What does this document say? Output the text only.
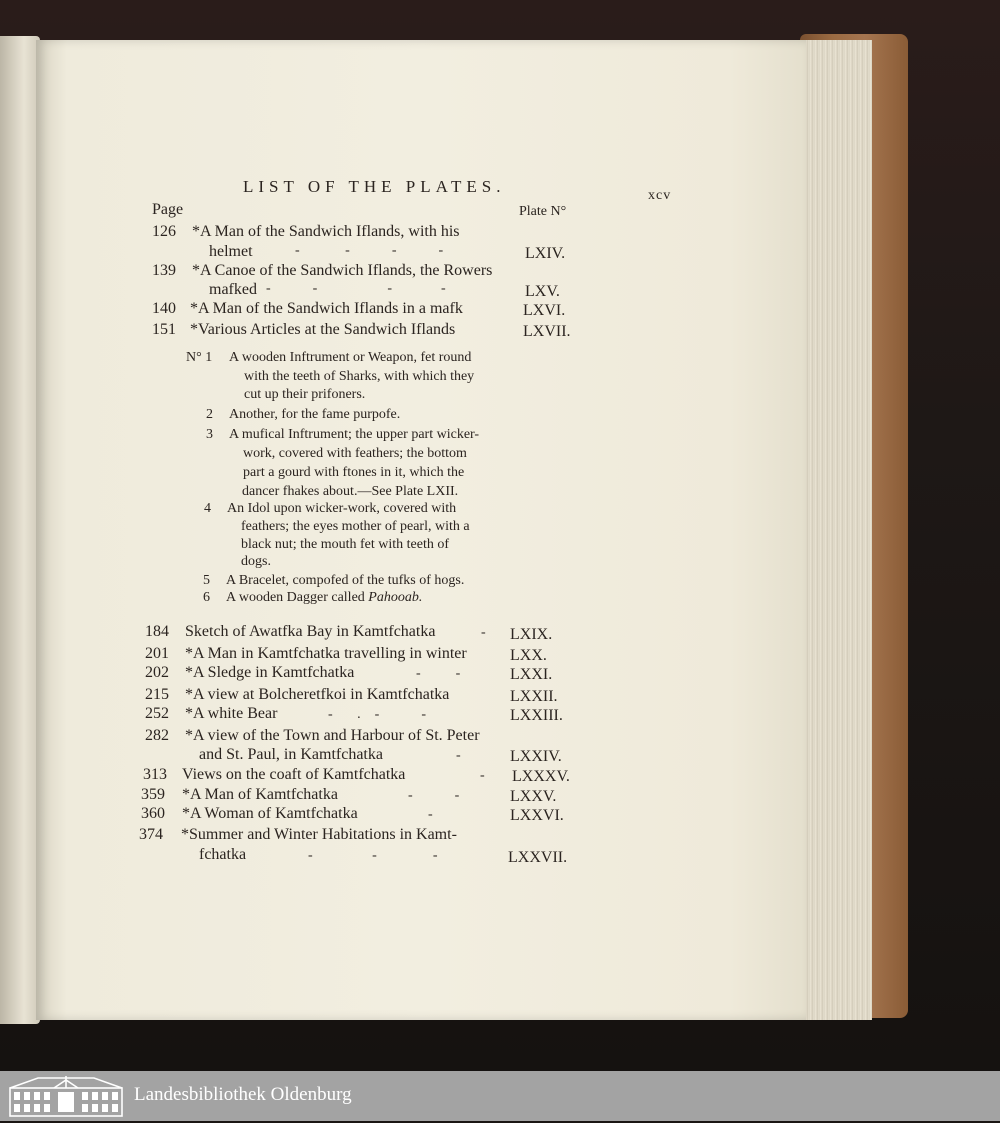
LIST OF THE PLATES.	xcv
Page	Plate N°
126 *A Man of the Sandwich Iflands, with his
helmet	-             -            -            -	LXIV.
139 *A Canoe of the Sandwich Iflands, the Rowers
mafked -            -                    -              -	LXV.
140 *A Man of the Sandwich Iflands in a mafk	LXVI.
151 *Various Articles at the Sandwich Iflands	LXVII.
N° 1 A wooden Inftrument or Weapon, fet round
with the teeth of Sharks, with which they
cut up their prifoners.
2 Another, for the fame purpofe.
3 A mufical Inftrument; the upper part wicker-
work, covered with feathers; the bottom
part a gourd with ftones in it, which the
dancer fhakes about.—See Plate LXII.
4 An Idol upon wicker-work, covered with
feathers; the eyes mother of pearl, with a
black nut; the mouth fet with teeth of
dogs.
5 A Bracelet, compofed of the tufks of hogs.
6 A wooden Dagger called Pahooab.
184 Sketch of Awatfka Bay in Kamtfchatka	- LXIX.
201 *A Man in Kamtfchatka travelling in winter	LXX.
202 *A Sledge in Kamtfchatka	-          -	LXXI.
215 *A view at Bolcheretfkoi in Kamtfchatka	LXXII.
252 *A white Bear	-       .    -            -	LXXIII.
282 *A view of the Town and Harbour of St. Peter
and St. Paul, in Kamtfchatka	-	LXXIV.
313 Views on the coaft of Kamtfchatka	- LXXXV.
359 *A Man of Kamtfchatka	-            -	LXXV.
360 *A Woman of Kamtfchatka	-	LXXVI.
374 *Summer and Winter Habitations in Kamt-
fchatka	-                 -                -	LXXVII.
Landesbibliothek Oldenburg
